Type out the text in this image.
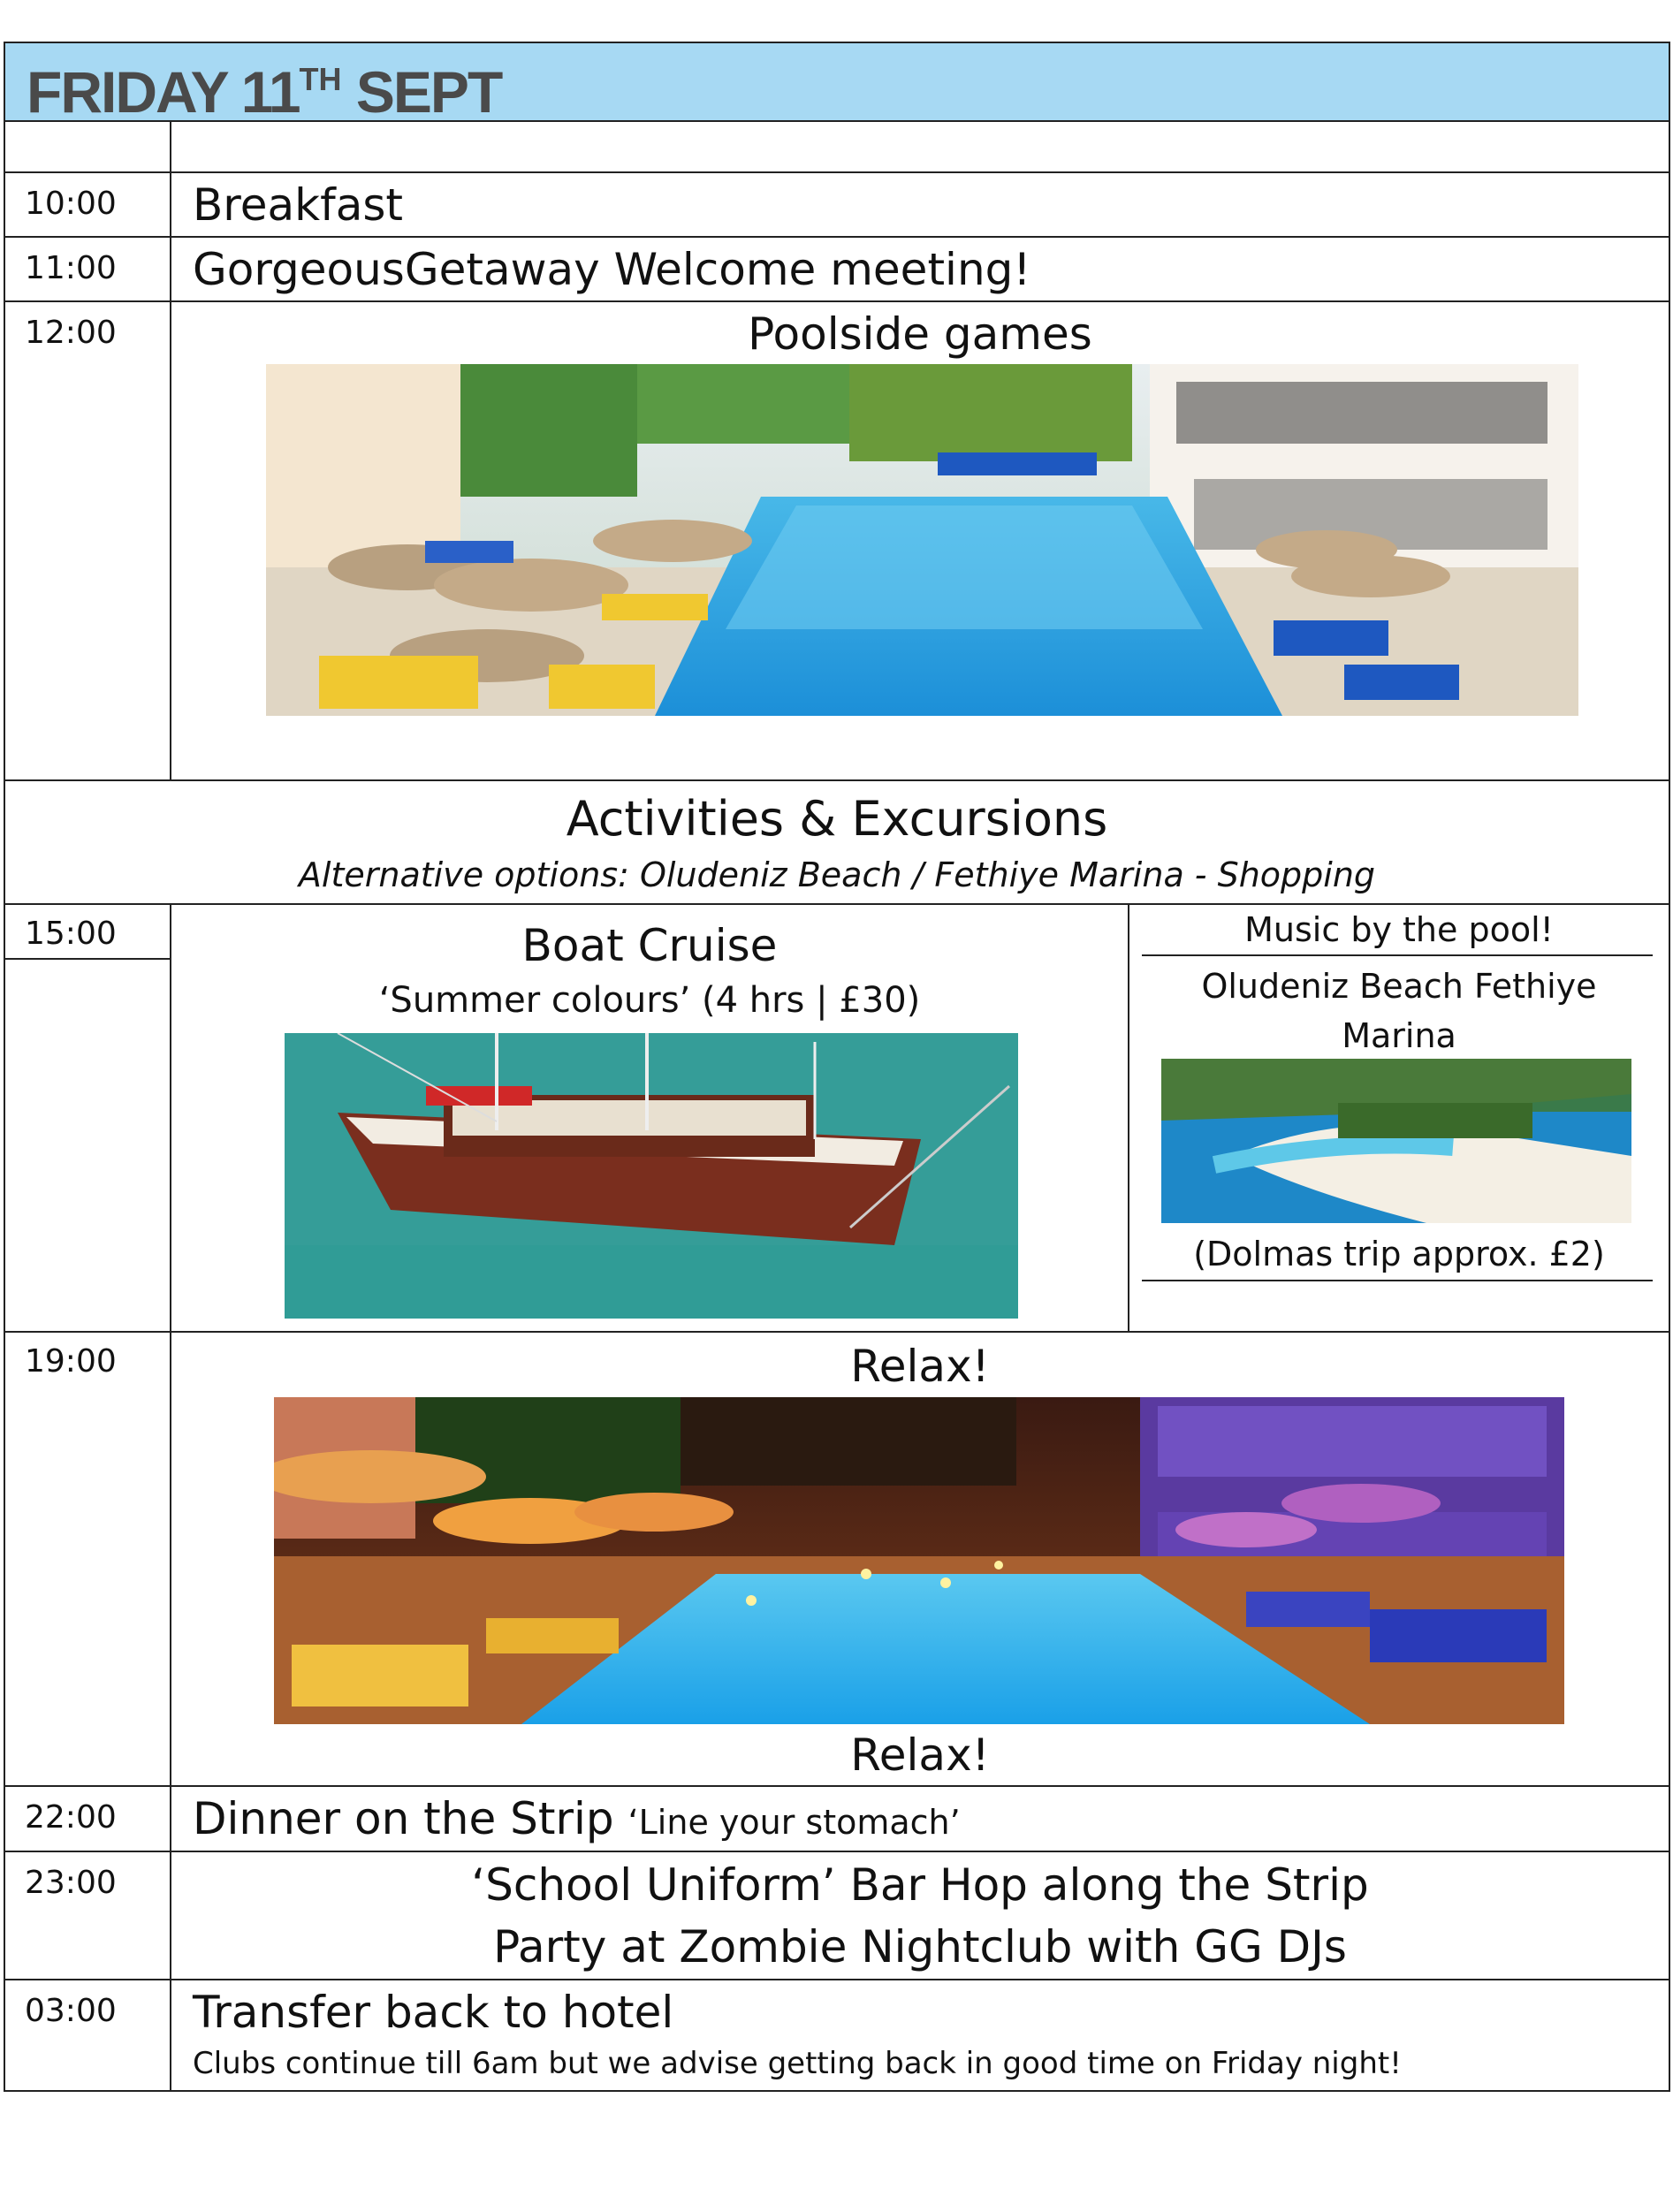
FRIDAY 11TH SEPT
10:00	Breakfast
11:00	GorgeousGetaway Welcome meeting!
12:00	Poolside games
Activities & Excursions
Alternative options: Oludeniz Beach / Fethiye Marina - Shopping
15:00	Boat Cruise
‘Summer colours’ (4 hrs | £30)
Music by the pool!
Oludeniz Beach Fethiye Marina
(Dolmas trip approx. £2)
19:00	Relax!
Relax!
22:00	Dinner on the Strip ‘Line your stomach’
23:00	‘School Uniform’ Bar Hop along the Strip
Party at Zombie Nightclub with GG DJs
03:00	Transfer back to hotel
Clubs continue till 6am but we advise getting back in good time on Friday night!
